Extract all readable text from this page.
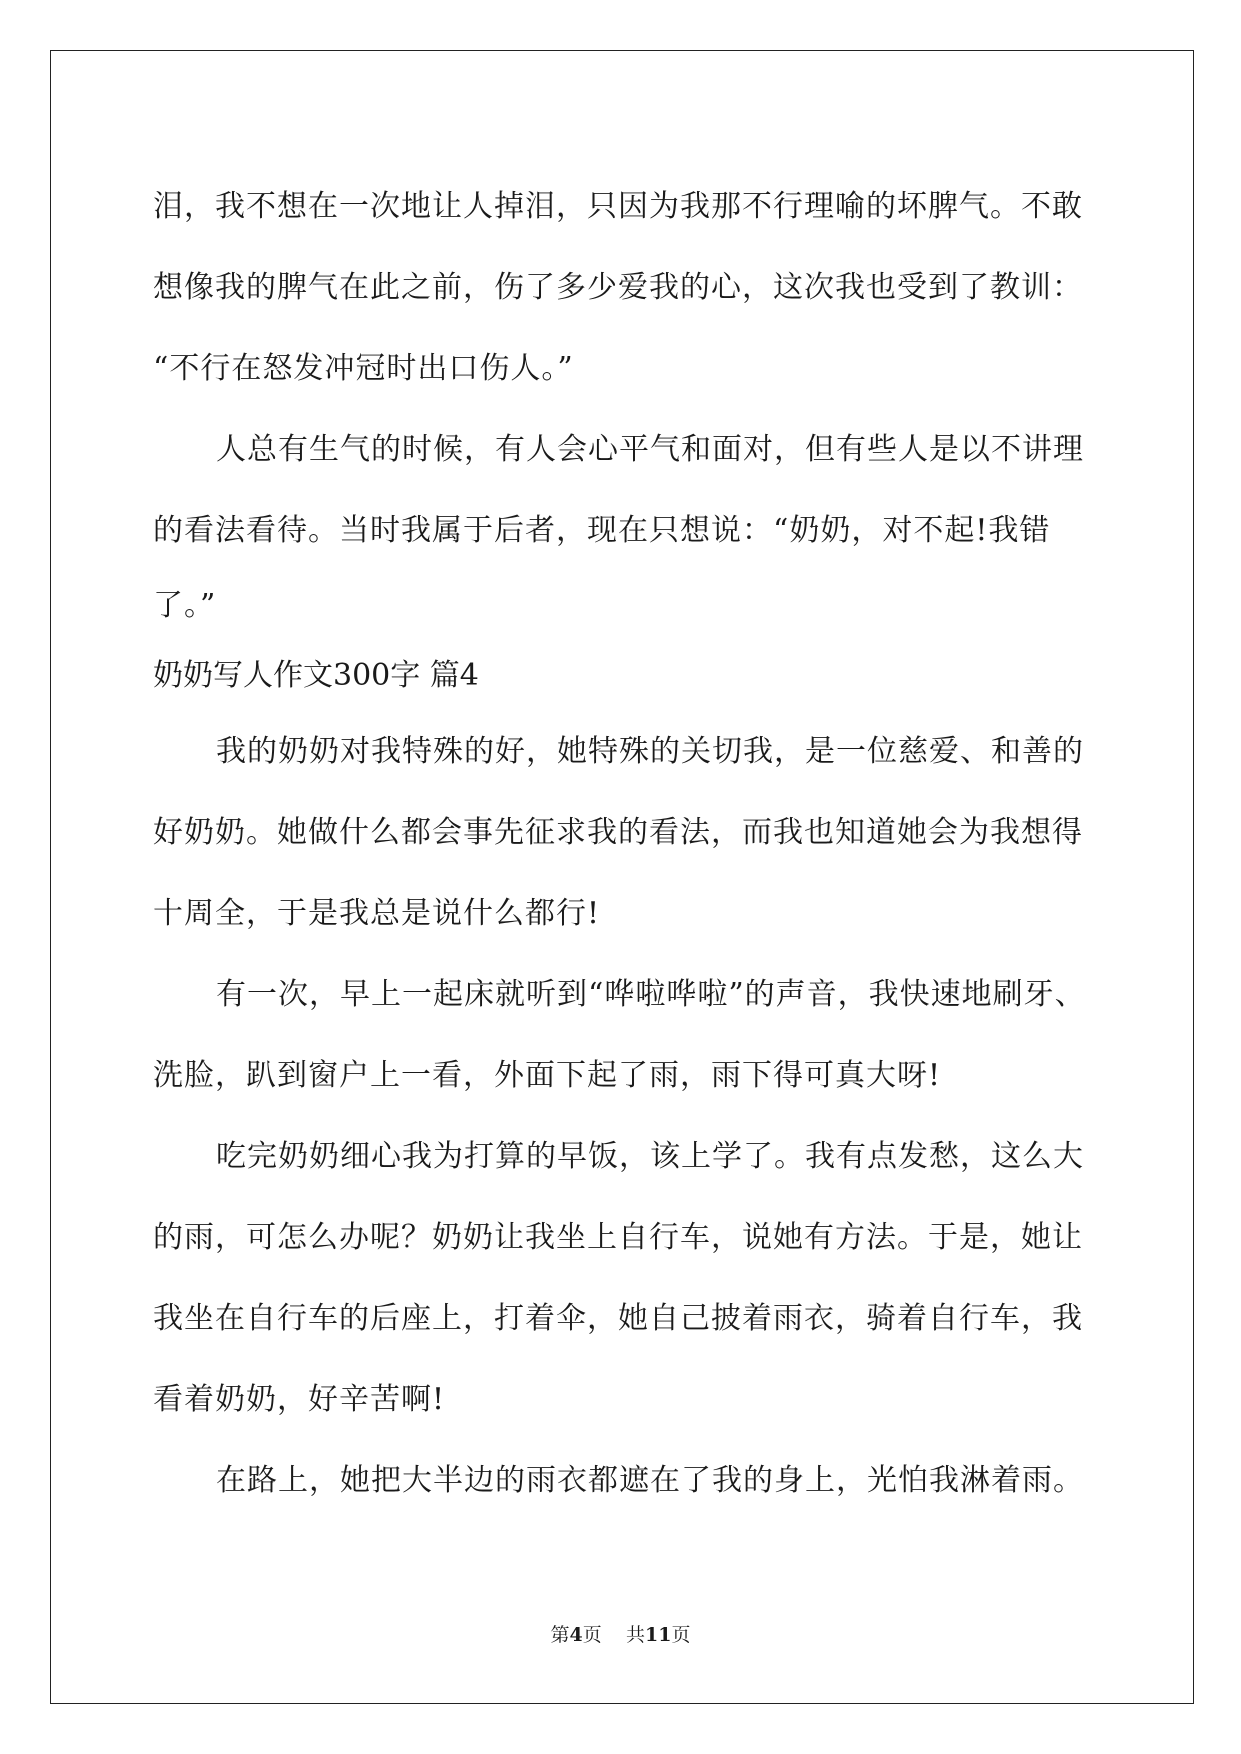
泪，我不想在一次地让人掉泪，只因为我那不行理喻的坏脾气。不敢
想像我的脾气在此之前，伤了多少爱我的心，这次我也受到了教训：
“不行在怒发冲冠时出口伤人。”
人总有生气的时候，有人会心平气和面对，但有些人是以不讲理
的看法看待。当时我属于后者，现在只想说：“奶奶，对不起!我错
了。”
奶奶写人作文300字 篇4
我的奶奶对我特殊的好，她特殊的关切我，是一位慈爱、和善的
好奶奶。她做什么都会事先征求我的看法，而我也知道她会为我想得
十周全，于是我总是说什么都行!
有一次，早上一起床就听到“哗啦哗啦”的声音，我快速地刷牙、
洗脸，趴到窗户上一看，外面下起了雨，雨下得可真大呀!
吃完奶奶细心我为打算的早饭，该上学了。我有点发愁，这么大
的雨，可怎么办呢？奶奶让我坐上自行车，说她有方法。于是，她让
我坐在自行车的后座上，打着伞，她自己披着雨衣，骑着自行车，我
看着奶奶，好辛苦啊!
在路上，她把大半边的雨衣都遮在了我的身上，光怕我淋着雨。
第4页 共11页
